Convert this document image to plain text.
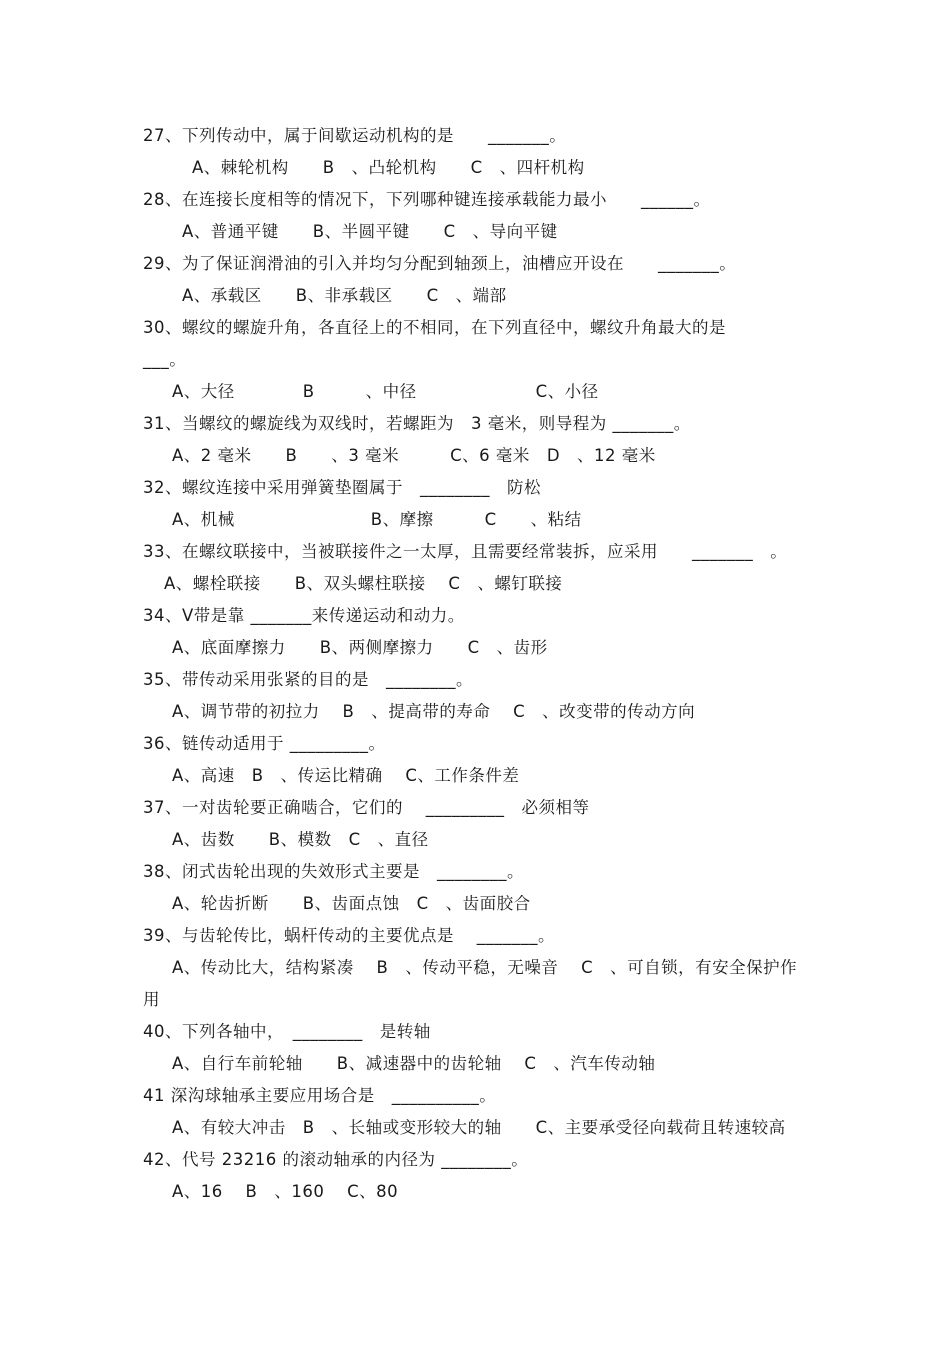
27、下列传动中，属于间歇运动机构的是　　_______。

A、棘轮机构　　B　、凸轮机构　　C　、四杆机构

28、在连接长度相等的情况下，下列哪种键连接承载能力最小　　______。

A、普通平键　　B、半圆平键　　C　、导向平键

29、为了保证润滑油的引入并均匀分配到轴颈上，油槽应开设在　　_______。

A、承载区　　B、非承载区　　C　、端部

30、螺纹的螺旋升角，各直径上的不相同，在下列直径中，螺纹升角最大的是

___。

A、大径　　　　B　　　、中径　　　　　　　C、小径

31、当螺纹的螺旋线为双线时，若螺距为　3 毫米，则导程为 _______。

A、2 毫米　　B　　、3 毫米　　　C、6 毫米　D　、12 毫米

32、螺纹连接中采用弹簧垫圈属于　________　防松

A、机械　　　　　　　　B、摩擦　　　C　　、粘结

33、在螺纹联接中，当被联接件之一太厚，且需要经常装拆，应采用　　_______　。

A、螺栓联接　　B、双头螺柱联接　 C　、螺钉联接

34、V带是靠 _______来传递运动和动力。

A、底面摩擦力　　B、两侧摩擦力　　C　、齿形

35、带传动采用张紧的目的是　________。

A、调节带的初拉力　 B　、提高带的寿命　 C　、改变带的传动方向

36、链传动适用于 _________。

A、高速　B　、传运比精确　 C、工作条件差

37、一对齿轮要正确啮合，它们的　 _________　必须相等

A、齿数　　B、模数　C　、直径

38、闭式齿轮出现的失效形式主要是　________。

A、轮齿折断　　B、齿面点蚀　C　、齿面胶合

39、与齿轮传比，蜗杆传动的主要优点是　 _______。

A、传动比大，结构紧凑　 B　、传动平稳，无噪音　 C　、可自锁，有安全保护作

用

40、下列各轴中，　________　是转轴

A、自行车前轮轴　　B、减速器中的齿轮轴　 C　、汽车传动轴

41 深沟球轴承主要应用场合是　__________。

A、有较大冲击　B　、长轴或变形较大的轴　　C、主要承受径向载荷且转速较高

42、代号 23216 的滚动轴承的内径为 ________。

A、16　 B　、160　 C、80
